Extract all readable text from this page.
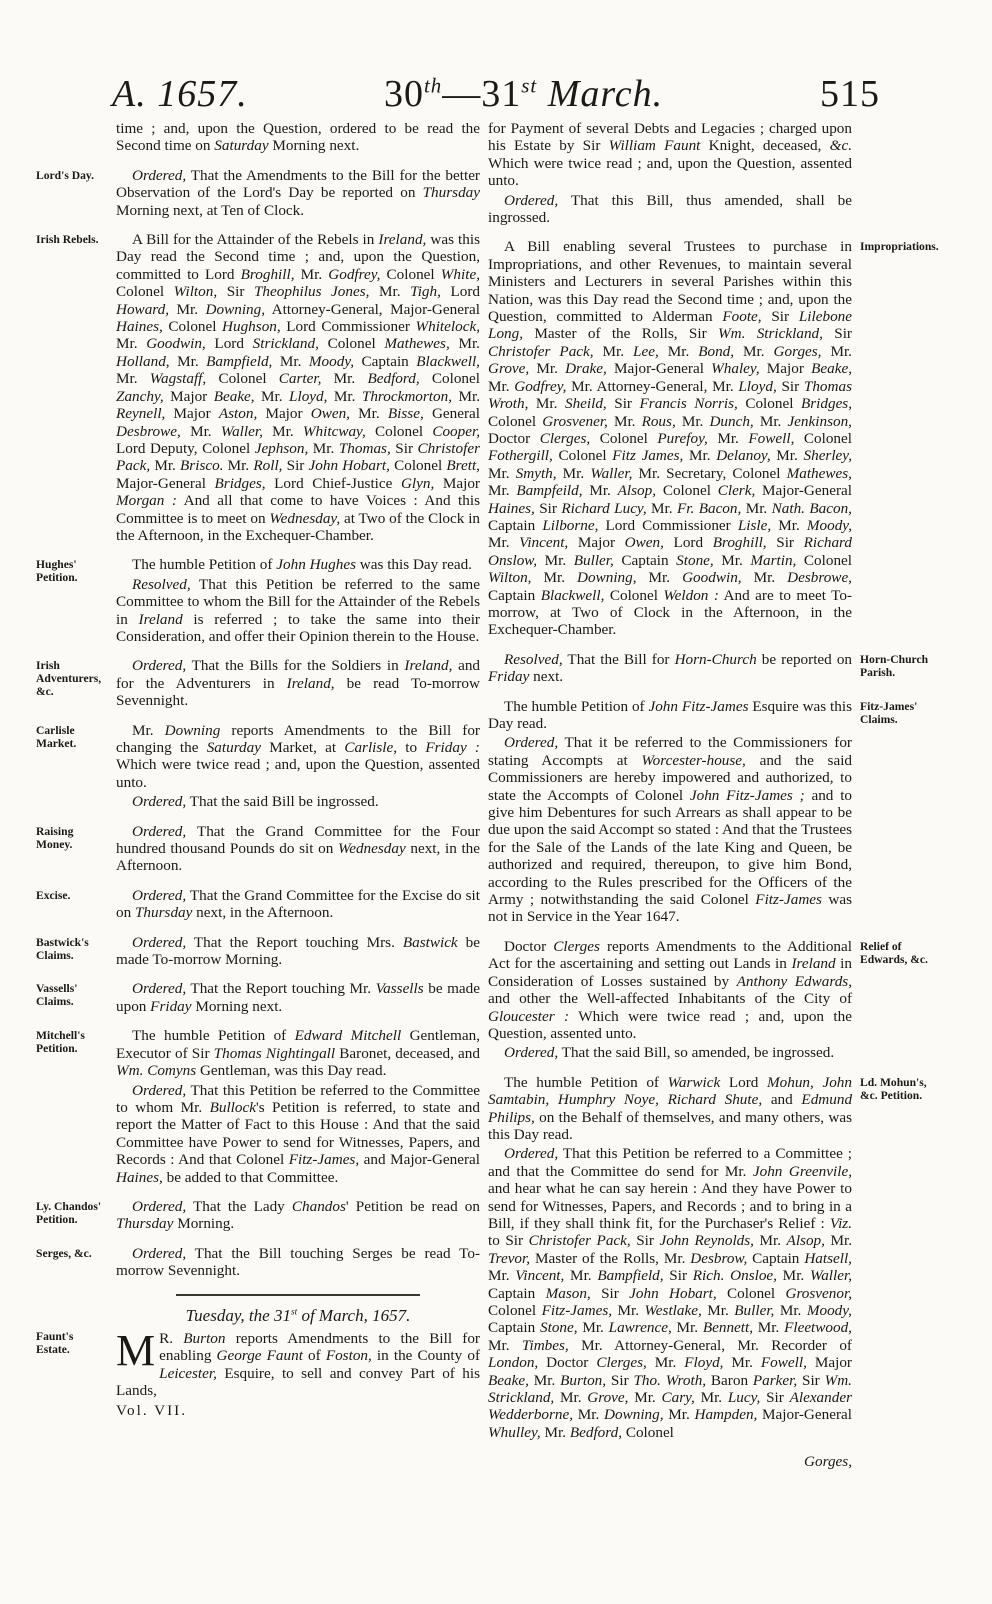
A. 1657.	30th—31st March.	515

time ; and, upon the Question, ordered to be read the Second time on Saturday Morning next.

Lord's Day.	Ordered, That the Amendments to the Bill for the better Observation of the Lord's Day be reported on Thursday Morning next, at Ten of Clock.

Irish Rebels.	A Bill for the Attainder of the Rebels in Ireland, was this Day read the Second time ; and, upon the Question, committed to Lord Broghill, Mr. Godfrey, Colonel White, Colonel Wilton, Sir Theophilus Jones, Mr. Tigh, Lord Howard, Mr. Downing, Attorney-General, Major-General Haines, Colonel Hughson, Lord Commissioner Whitelock, Mr. Goodwin, Lord Strickland, Colonel Mathewes, Mr. Holland, Mr. Bampfield, Mr. Moody, Captain Blackwell, Mr. Wagstaff, Colonel Carter, Mr. Bedford, Colonel Zanchy, Major Beake, Mr. Lloyd, Mr. Throckmorton, Mr. Reynell, Major Aston, Major Owen, Mr. Bisse, General Desbrowe, Mr. Waller, Mr. Whitcway, Colonel Cooper, Lord Deputy, Colonel Jephson, Mr. Thomas, Sir Christofer Pack, Mr. Brisco. Mr. Roll, Sir John Hobart, Colonel Brett, Major-General Bridges, Lord Chief-Justice Glyn, Major Morgan : And all that come to have Voices : And this Committee is to meet on Wednesday, at Two of the Clock in the Afternoon, in the Exchequer-Chamber.

Hughes' Petition.

The humble Petition of John Hughes was this Day read.

Resolved, That this Petition be referred to the same Committee to whom the Bill for the Attainder of the Rebels in Ireland is referred ; to take the same into their Consideration, and offer their Opinion therein to the House.

Irish Adventurers, &c.

Ordered, That the Bills for the Soldiers in Ireland, and for the Adventurers in Ireland, be read To-morrow Sevennight.

Carlisle Market.

Mr. Downing reports Amendments to the Bill for changing the Saturday Market, at Carlisle, to Friday : Which were twice read ; and, upon the Question, assented unto.

Ordered, That the said Bill be ingrossed.

Raising Money.

Ordered, That the Grand Committee for the Four hundred thousand Pounds do sit on Wednesday next, in the Afternoon.

Excise.	Ordered, That the Grand Committee for the Excise do sit on Thursday next, in the Afternoon.

Bastwick's Claims.

Ordered, That the Report touching Mrs. Bastwick be made To-morrow Morning.

Vassells' Claims.

Ordered, That the Report touching Mr. Vassells be made upon Friday Morning next.

Mitchell's Petition.

The humble Petition of Edward Mitchell Gentleman, Executor of Sir Thomas Nightingall Baronet, deceased, and Wm. Comyns Gentleman, was this Day read.

Ordered, That this Petition be referred to the Committee to whom Mr. Bullock's Petition is referred, to state and report the Matter of Fact to this House : And that the said Committee have Power to send for Witnesses, Papers, and Records : And that Colonel Fitz-James, and Major-General Haines, be added to that Committee.

Ly. Chandos' Petition.

Ordered, That the Lady Chandos' Petition be read on Thursday Morning.

Serges, &c.	Ordered, That the Bill touching Serges be read To-morrow Sevennight.

Tuesday, the 31st of March, 1657.
Faunt's Estate.	M R. Burton reports Amendments to the Bill for enabling George Faunt of Foston, in the County of Leicester, Esquire, to sell and convey Part of his Lands,

Vol. VII.

for Payment of several Debts and Legacies ; charged upon his Estate by Sir William Faunt Knight, deceased, &c. Which were twice read ; and, upon the Question, assented unto.

Ordered, That this Bill, thus amended, shall be ingrossed.

Impropriations.

A Bill enabling several Trustees to purchase in Impropriations, and other Revenues, to maintain several Ministers and Lecturers in several Parishes within this Nation, was this Day read the Second time ; and, upon the Question, committed to Alderman Foote, Sir Lilebone Long, Master of the Rolls, Sir Wm. Strickland, Sir Christofer Pack, Mr. Lee, Mr. Bond, Mr. Gorges, Mr. Grove, Mr. Drake, Major-General Whaley, Major Beake, Mr. Godfrey, Mr. Attorney-General, Mr. Lloyd, Sir Thomas Wroth, Mr. Sheild, Sir Francis Norris, Colonel Bridges, Colonel Grosvener, Mr. Rous, Mr. Dunch, Mr. Jenkinson, Doctor Clerges, Colonel Purefoy, Mr. Fowell, Colonel Fothergill, Colonel Fitz James, Mr. Delanoy, Mr. Sherley, Mr. Smyth, Mr. Waller, Mr. Secretary, Colonel Mathewes, Mr. Bampfeild, Mr. Alsop, Colonel Clerk, Major-General Haines, Sir Richard Lucy, Mr. Fr. Bacon, Mr. Nath. Bacon, Captain Lilborne, Lord Commissioner Lisle, Mr. Moody, Mr. Vincent, Major Owen, Lord Broghill, Sir Richard Onslow, Mr. Buller, Captain Stone, Mr. Martin, Colonel Wilton, Mr. Downing, Mr. Goodwin, Mr. Desbrowe, Captain Blackwell, Colonel Weldon : And are to meet To-morrow, at Two of Clock in the Afternoon, in the Exchequer-Chamber.

Horn-Church Parish.

Resolved, That the Bill for Horn-Church be reported on Friday next.

Fitz-James' Claims.

The humble Petition of John Fitz-James Esquire was this Day read.

Ordered, That it be referred to the Commissioners for stating Accompts at Worcester-house, and the said Commissioners are hereby impowered and authorized, to state the Accompts of Colonel John Fitz-James ; and to give him Debentures for such Arrears as shall appear to be due upon the said Accompt so stated : And that the Trustees for the Sale of the Lands of the late King and Queen, be authorized and required, thereupon, to give him Bond, according to the Rules prescribed for the Officers of the Army ; notwithstanding the said Colonel Fitz-James was not in Service in the Year 1647.

Relief of Edwards, &c.

Doctor Clerges reports Amendments to the Additional Act for the ascertaining and setting out Lands in Ireland in Consideration of Losses sustained by Anthony Edwards, and other the Well-affected Inhabitants of the City of Gloucester : Which were twice read ; and, upon the Question, assented unto.

Ordered, That the said Bill, so amended, be ingrossed.

Ld. Mohun's, &c. Petition.

The humble Petition of Warwick Lord Mohun, John Samtabin, Humphry Noye, Richard Shute, and Edmund Philips, on the Behalf of themselves, and many others, was this Day read.

Ordered, That this Petition be referred to a Committee ; and that the Committee do send for Mr. John Greenvile, and hear what he can say herein : And they have Power to send for Witnesses, Papers, and Records ; and to bring in a Bill, if they shall think fit, for the Purchaser's Relief : Viz. to Sir Christofer Pack, Sir John Reynolds, Mr. Alsop, Mr. Trevor, Master of the Rolls, Mr. Desbrow, Captain Hatsell, Mr. Vincent, Mr. Bampfield, Sir Rich. Onsloe, Mr. Waller, Captain Mason, Sir John Hobart, Colonel Grosvenor, Colonel Fitz-James, Mr. Westlake, Mr. Buller, Mr. Moody, Captain Stone, Mr. Lawrence, Mr. Bennett, Mr. Fleetwood, Mr. Timbes, Mr. Attorney-General, Mr. Recorder of London, Doctor Clerges, Mr. Floyd, Mr. Fowell, Major Beake, Mr. Burton, Sir Tho. Wroth, Baron Parker, Sir Wm. Strickland, Mr. Grove, Mr. Cary, Mr. Lucy, Sir Alexander Wedderborne, Mr. Downing, Mr. Hampden, Major-General Whulley, Mr. Bedford, Colonel

Gorges,
